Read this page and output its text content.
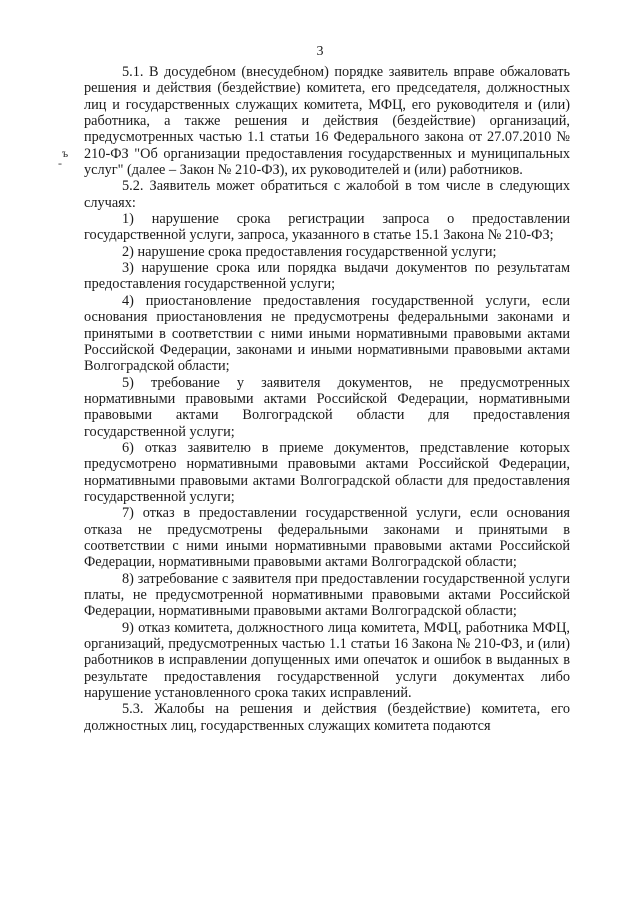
3
ъ
-

5.1. В досудебном (внесудебном) порядке заявитель вправе обжаловать решения и действия (бездействие) комитета, его председателя, должностных лиц и государственных служащих комитета, МФЦ, его руководителя и (или) работника, а также решения и действия (бездействие) организаций, предусмотренных частью 1.1 статьи 16 Федерального закона от 27.07.2010 № 210-ФЗ "Об организации предоставления государственных и муниципальных услуг" (далее – Закон № 210-ФЗ), их руководителей и (или) работников.

5.2. Заявитель может обратиться с жалобой в том числе в следующих случаях:

1) нарушение срока регистрации запроса о предоставлении государственной услуги, запроса, указанного в статье 15.1 Закона № 210-ФЗ;

2) нарушение срока предоставления государственной услуги;

3) нарушение срока или порядка выдачи документов по результатам предоставления государственной услуги;

4) приостановление предоставления государственной услуги, если основания приостановления не предусмотрены федеральными законами и принятыми в соответствии с ними иными нормативными правовыми актами Российской Федерации, законами и иными нормативными правовыми актами Волгоградской области;

5) требование у заявителя документов, не предусмотренных нормативными правовыми актами Российской Федерации, нормативными правовыми актами Волгоградской области для предоставления государственной услуги;

6) отказ заявителю в приеме документов, представление которых предусмотрено нормативными правовыми актами Российской Федерации, нормативными правовыми актами Волгоградской области для предоставления государственной услуги;

7) отказ в предоставлении государственной услуги, если основания отказа не предусмотрены федеральными законами и принятыми в соответствии с ними иными нормативными правовыми актами Российской Федерации, нормативными правовыми актами Волгоградской области;

8) затребование с заявителя при предоставлении государственной услуги платы, не предусмотренной нормативными правовыми актами Российской Федерации, нормативными правовыми актами Волгоградской области;

9) отказ комитета, должностного лица комитета, МФЦ, работника МФЦ, организаций, предусмотренных частью 1.1 статьи 16 Закона № 210-ФЗ, и (или) работников в исправлении допущенных ими опечаток и ошибок в выданных в результате предоставления государственной услуги документах либо нарушение установленного срока таких исправлений.

5.3. Жалобы на решения и действия (бездействие) комитета, его должностных лиц, государственных служащих комитета подаются
